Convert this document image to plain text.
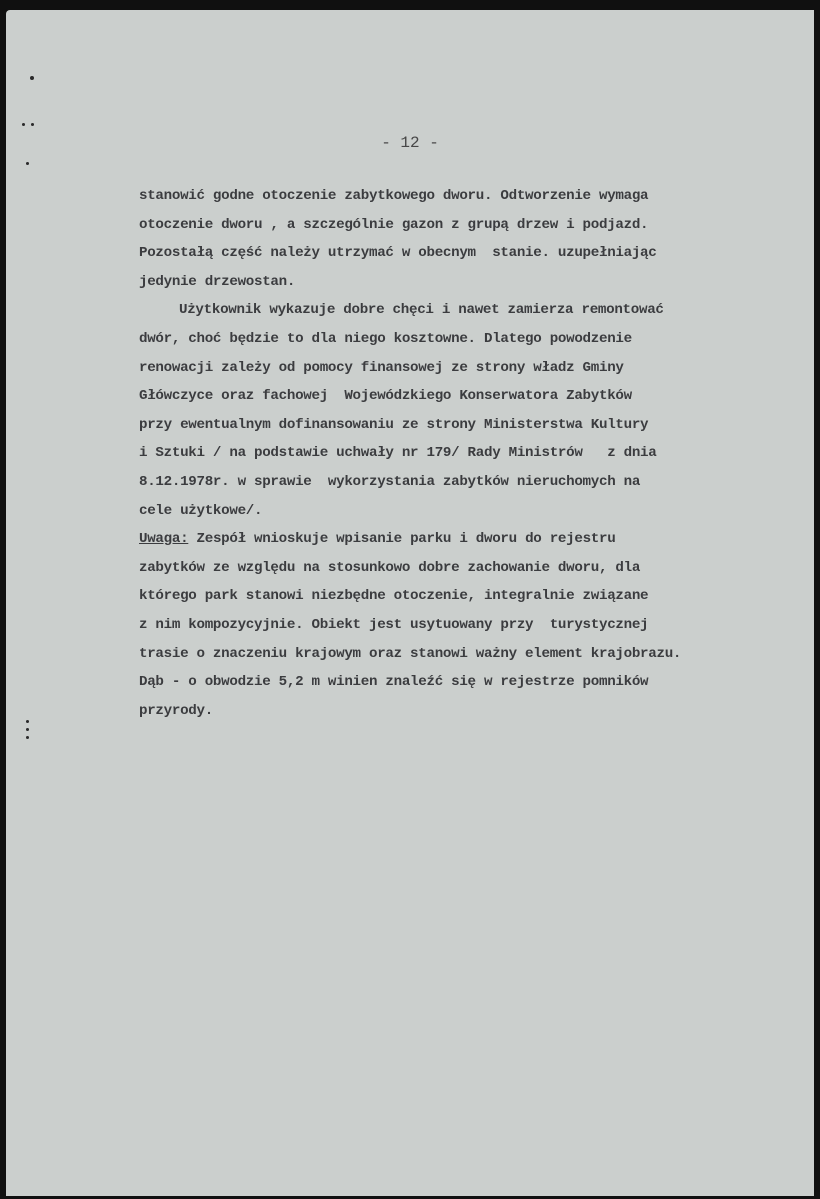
- 12 -
stanowić godne otoczenie zabytkowego dworu. Odtworzenie wymaga
otoczenie dworu , a szczególnie gazon z grupą drzew i podjazd.
Pozostałą część należy utrzymać w obecnym  stanie. uzupełniając
jedynie drzewostan.
Użytkownik wykazuje dobre chęci i nawet zamierza remontować
dwór, choć będzie to dla niego kosztowne. Dlatego powodzenie
renowacji zależy od pomocy finansowej ze strony władz Gminy
Główczyce oraz fachowej  Wojewódzkiego Konserwatora Zabytków
przy ewentualnym dofinansowaniu ze strony Ministerstwa Kultury
i Sztuki / na podstawie uchwały nr 179/ Rady Ministrów   z dnia
8.12.1978r. w sprawie  wykorzystania zabytków nieruchomych na
cele użytkowe/.
Uwaga: Zespół wnioskuje wpisanie parku i dworu do rejestru
zabytków ze względu na stosunkowo dobre zachowanie dworu, dla
którego park stanowi niezbędne otoczenie, integralnie związane
z nim kompozycyjnie. Obiekt jest usytuowany przy  turystycznej
trasie o znaczeniu krajowym oraz stanowi ważny element krajobrazu.
Dąb - o obwodzie 5,2 m winien znaleźć się w rejestrze pomników
przyrody.
